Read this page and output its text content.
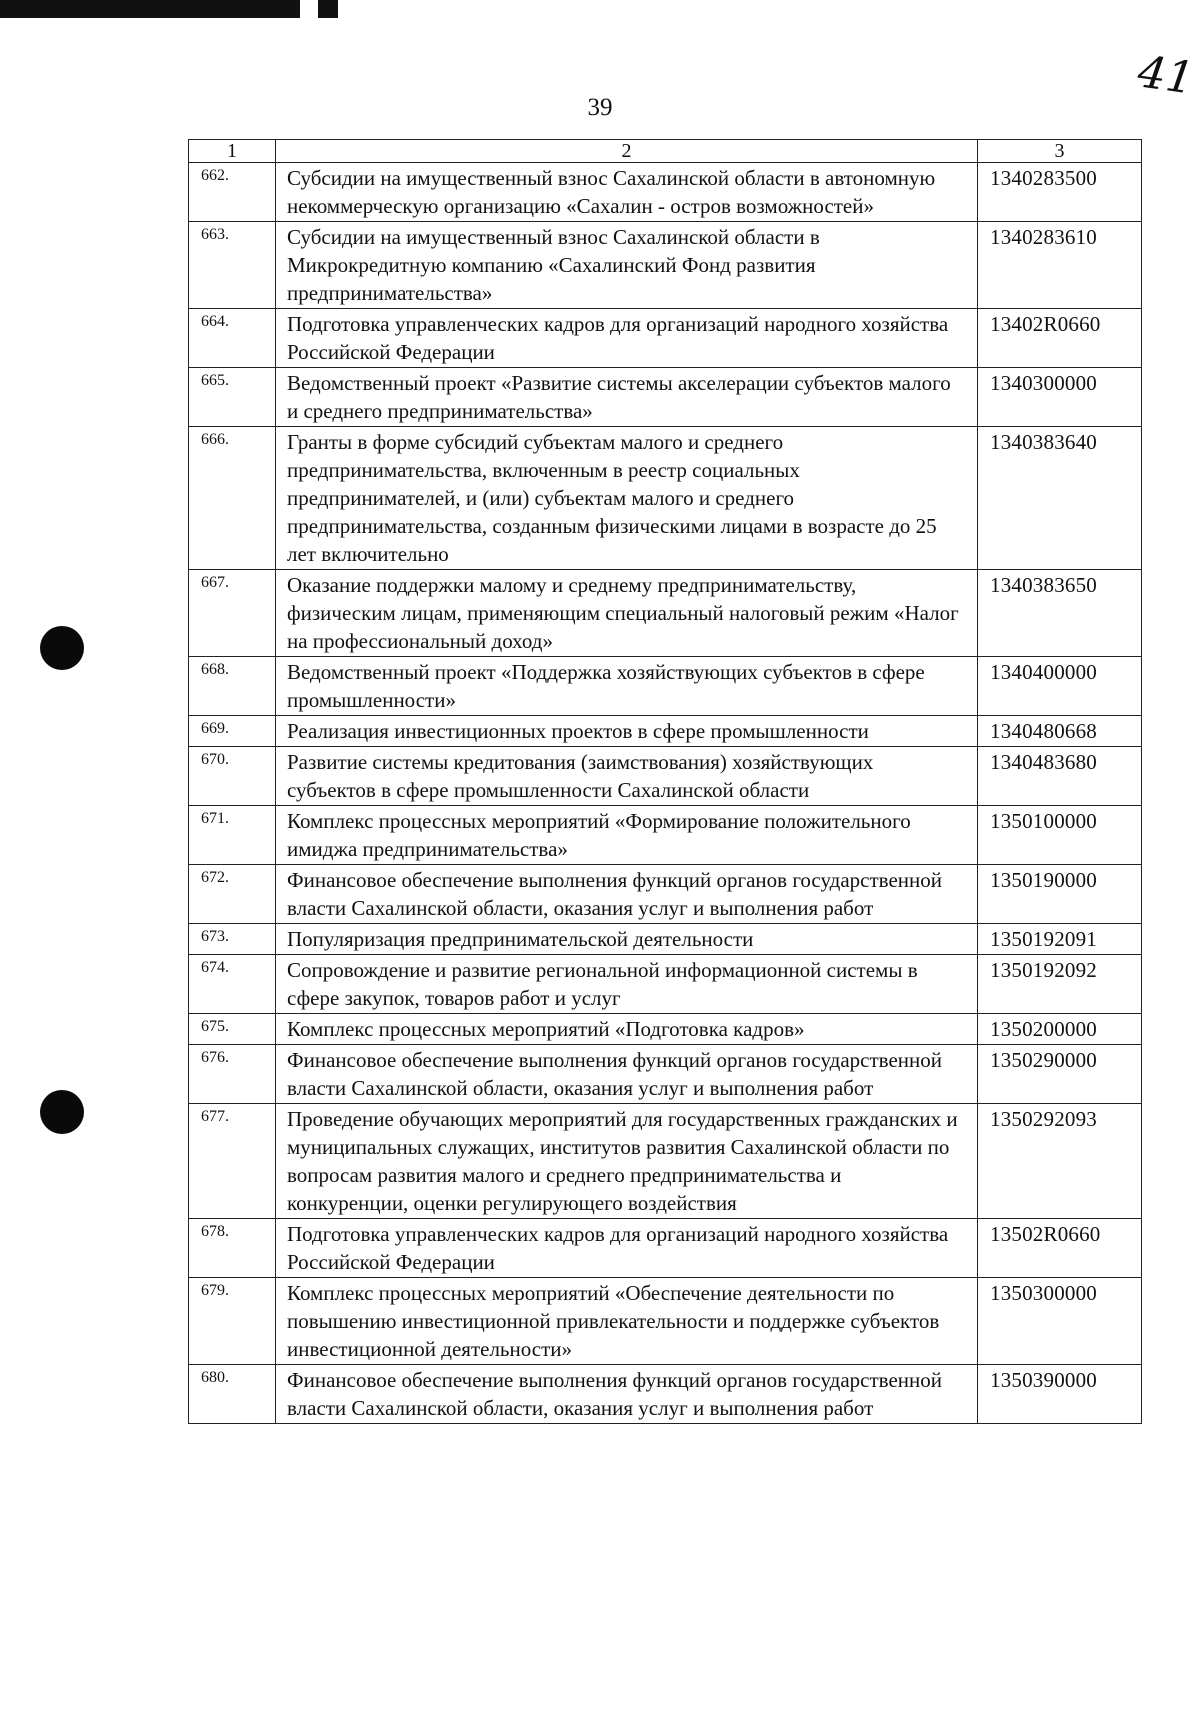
39
41
1	2	3
662.	Субсидии на имущественный взнос Сахалинской области в автономную некоммерческую организацию «Сахалин - остров возможностей»	1340283500
663.	Субсидии на имущественный взнос Сахалинской области в Микрокредитную компанию «Сахалинский Фонд развития предпринимательства»	1340283610
664.	Подготовка управленческих кадров для организаций народного хозяйства Российской Федерации	13402R0660
665.	Ведомственный проект «Развитие системы акселерации субъектов малого и среднего предпринимательства»	1340300000
666.	Гранты в форме субсидий субъектам малого и среднего предпринимательства, включенным в реестр социальных предпринимателей, и (или) субъектам малого и среднего предпринимательства, созданным физическими лицами в возрасте до 25 лет включительно	1340383640
667.	Оказание поддержки малому и среднему предпринимательству, физическим лицам, применяющим специальный налоговый режим «Налог на профессиональный доход»	1340383650
668.	Ведомственный проект «Поддержка хозяйствующих субъектов в сфере промышленности»	1340400000
669.	Реализация инвестиционных проектов в сфере промышленности	1340480668
670.	Развитие системы кредитования (заимствования) хозяйствующих субъектов в сфере промышленности Сахалинской области	1340483680
671.	Комплекс процессных мероприятий «Формирование положительного имиджа предпринимательства»	1350100000
672.	Финансовое обеспечение выполнения функций органов государственной власти Сахалинской области, оказания услуг и выполнения работ	1350190000
673.	Популяризация предпринимательской деятельности	1350192091
674.	Сопровождение и развитие региональной информационной системы в сфере закупок, товаров работ и услуг	1350192092
675.	Комплекс процессных мероприятий «Подготовка кадров»	1350200000
676.	Финансовое обеспечение выполнения функций органов государственной власти Сахалинской области, оказания услуг и выполнения работ	1350290000
677.	Проведение обучающих мероприятий для государственных гражданских и муниципальных служащих, институтов развития Сахалинской области по вопросам развития малого и среднего предпринимательства и конкуренции, оценки регулирующего воздействия	1350292093
678.	Подготовка управленческих кадров для организаций народного хозяйства Российской Федерации	13502R0660
679.	Комплекс процессных мероприятий «Обеспечение деятельности по повышению инвестиционной привлекательности и поддержке субъектов инвестиционной деятельности»	1350300000
680.	Финансовое обеспечение выполнения функций органов государственной власти Сахалинской области, оказания услуг и выполнения работ	1350390000
